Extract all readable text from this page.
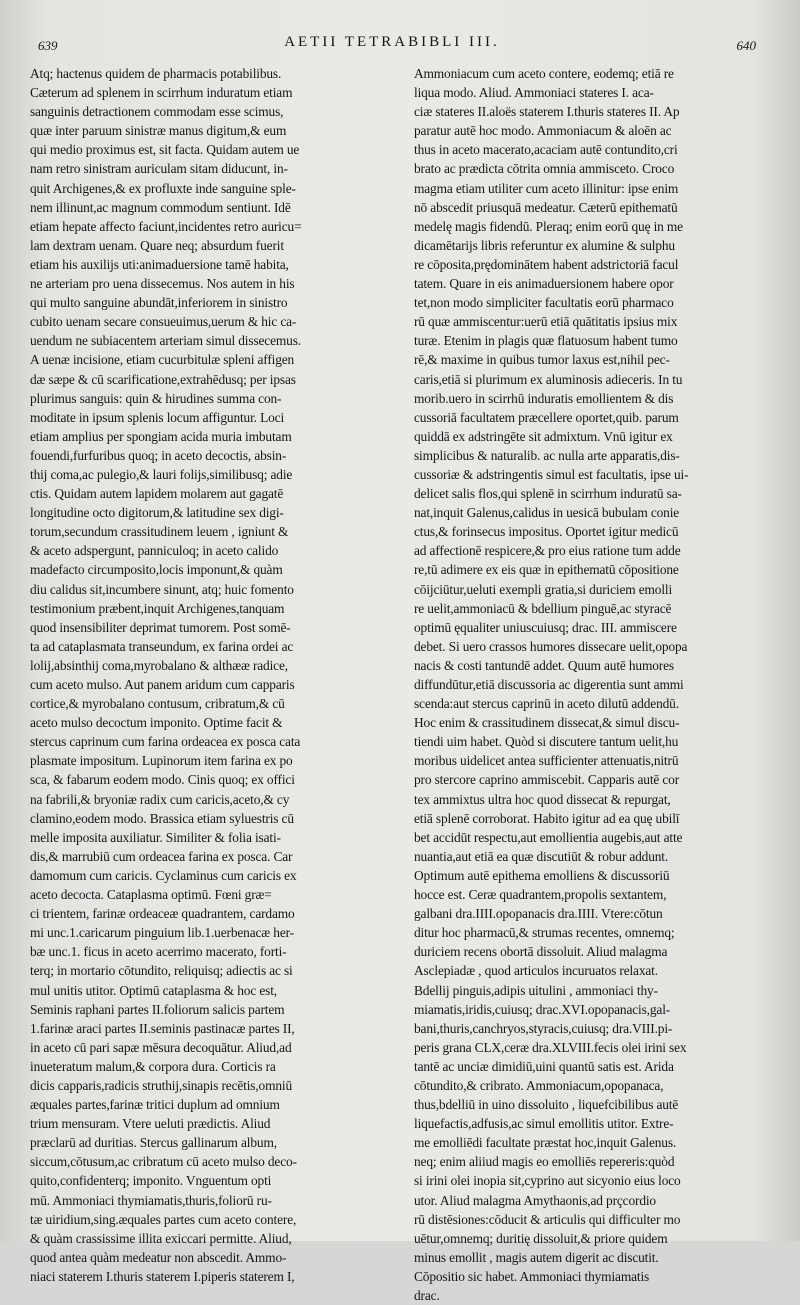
639	AETII TETRABIBLI III.	640
Atq; hactenus quidem de pharmacis potabilibus.
Cæterum ad splenem in scirrhum induratum etiam
sanguinis detractionem commodam esse scimus,
quæ inter paruum sinistræ manus digitum,& eum
qui medio proximus est, sit facta. Quidam autem ue
nam retro sinistram auriculam sitam diducunt, in-
quit Archigenes,& ex profluxte inde sanguine sple-
nem illinunt,ac magnum commodum sentiunt. Idē
etiam hepate affecto faciunt,incidentes retro auricu=
lam dextram uenam. Quare neq; absurdum fuerit
etiam his auxilijs uti:animaduersione tamē habita,
ne arteriam pro uena dissecemus. Nos autem in his
qui multo sanguine abundāt,inferiorem in sinistro
cubito uenam secare consueuimus,uerum & hic ca-
uendum ne subiacentem arteriam simul dissecemus.
A uenæ incisione, etiam cucurbitulæ spleni affigen
dæ sæpe & cū scarificatione,extrahēdusq; per ipsas
plurimus sanguis: quin & hirudines summa con-
moditate in ipsum splenis locum affiguntur. Loci
etiam amplius per spongiam acida muria imbutam
fouendi,furfuribus quoq; in aceto decoctis, absin-
thij coma,ac pulegio,& lauri folijs,similibusq; adie
ctis. Quidam autem lapidem molarem aut gagatē
longitudine octo digitorum,& latitudine sex digi-
torum,secundum crassitudinem leuem , igniunt &
& aceto adspergunt, panniculoq; in aceto calido
madefacto circumposito,locis imponunt,& quàm
diu calidus sit,incumbere sinunt, atq; huic fomento
testimonium præbent,inquit Archigenes,tanquam
quod insensibiliter deprimat tumorem. Post somē-
ta ad cataplasmata transeundum, ex farina ordei ac
lolij,absinthij coma,myrobalano & althææ radice,
cum aceto mulso. Aut panem aridum cum capparis
cortice,& myrobalano contusum, cribratum,& cū
aceto mulso decoctum imponito. Optime facit &
stercus caprinum cum farina ordeacea ex posca cata
plasmate impositum. Lupinorum item farina ex po
sca, & fabarum eodem modo. Cinis quoq; ex offici
na fabrili,& bryoniæ radix cum caricis,aceto,& cy
clamino,eodem modo. Brassica etiam syluestris cū
melle imposita auxiliatur. Similiter & folia isati-
dis,& marrubiū cum ordeacea farina ex posca. Car
damomum cum caricis. Cyclaminus cum caricis ex
aceto decocta. Cataplasma optimū. Fœni græ=
ci trientem, farinæ ordeaceæ quadrantem, cardamo
mi unc.1.caricarum pinguium lib.1.uerbenacæ her-
bæ unc.1. ficus in aceto acerrimo macerato, forti-
terq; in mortario cōtundito, reliquisq; adiectis ac si
mul unitis utitor. Optimū cataplasma & hoc est,
Seminis raphani partes II.foliorum salicis partem
1.farinæ araci partes II.seminis pastinacæ partes II,
in aceto cū pari sapæ mēsura decoquātur. Aliud,ad
inueteratum malum,& corpora dura. Corticis ra
dicis capparis,radicis struthij,sinapis recētis,omniū
æquales partes,farinæ tritici duplum ad omnium
trium mensuram. Vtere ueluti prædictis. Aliud
præclarū ad duritias. Stercus gallinarum album,
siccum,cōtusum,ac cribratum cū aceto mulso deco-
quito,confidenterq; imponito. Vnguentum opti
mū. Ammoniaci thymiamatis,thuris,foliorū ru-
tæ uiridium,sing.æquales partes cum aceto contere,
& quàm crassissime illita exiccari permitte. Aliud,
quod antea quàm medeatur non abscedit. Ammo-
niaci staterem I.thuris staterem I.piperis staterem I,
Ammoniacum cum aceto contere, eodemq; etiā re
liqua modo. Aliud. Ammoniaci stateres I. aca-
ciæ stateres II.aloës staterem I.thuris stateres II. Ap
paratur autē hoc modo. Ammoniacum & aloēn ac
thus in aceto macerato,acaciam autē contundito,cri
brato ac prædicta cōtrita omnia ammisceto. Croco
magma etiam utiliter cum aceto illinitur: ipse enim
nō abscedit priusquā medeatur. Cæterū epithematū
medelę magis fidendū. Pleraq; enim eorū quę in me
dicamētarijs libris referuntur ex alumine & sulphu
re cōposita,prędominātem habent adstrictoriā facul
tatem. Quare in eis animaduersionem habere opor
tet,non modo simpliciter facultatis eorū pharmaco
rū quæ ammiscentur:uerū etiā quātitatis ipsius mix
turæ. Etenim in plagis quæ flatuosum habent tumo
rē,& maxime in quibus tumor laxus est,nihil pec-
caris,etiā si plurimum ex aluminosis adieceris. In tu
morib.uero in scirrhū induratis emollientem & dis
cussoriā facultatem præcellere oportet,quib. parum
quiddā ex adstringēte sit admixtum. Vnū igitur ex
simplicibus & naturalib. ac nulla arte apparatis,dis-
cussoriæ & adstringentis simul est facultatis, ipse ui-
delicet salis flos,qui splenē in scirrhum induratū sa-
nat,inquit Galenus,calidus in uesicā bubulam conie
ctus,& forinsecus impositus. Oportet igitur medicū
ad affectionē respicere,& pro eius ratione tum adde
re,tū adimere ex eis quæ in epithematū cōpositione
cōijciūtur,ueluti exempli gratia,si duriciem emolli
re uelit,ammoniacū & bdellium pinguē,ac styracē
optimū ęqualiter uniuscuiusq; drac. III. ammiscere
debet. Si uero crassos humores dissecare uelit,opopa
nacis & costi tantundē addet. Quum autē humores
diffundūtur,etiā discussoria ac digerentia sunt ammi
scenda:aut stercus caprinū in aceto dilutū addendū.
Hoc enim & crassitudinem dissecat,& simul discu-
tiendi uim habet. Quòd si discutere tantum uelit,hu
moribus uidelicet antea sufficienter attenuatis,nitrū
pro stercore caprino ammiscebit. Capparis autē cor
tex ammixtus ultra hoc quod dissecat & repurgat,
etiā splenē corroborat. Habito igitur ad ea quę ubilī
bet accidūt respectu,aut emollientia augebis,aut atte
nuantia,aut etiā ea quæ discutiūt & robur addunt.
Optimum autē epithema emolliens & discussoriū
hocce est. Ceræ quadrantem,propolis sextantem,
galbani dra.IIII.opopanacis dra.IIII. Vtere:cōtun
ditur hoc pharmacū,& strumas recentes, omnemq;
duriciem recens obortā dissoluit. Aliud malagma
Asclepiadæ , quod articulos incuruatos relaxat.
Bdellij pinguis,adipis uitulini , ammoniaci thy-
miamatis,iridis,cuiusq; drac.XVI.opopanacis,gal-
bani,thuris,canchryos,styracis,cuiusq; dra.VIII.pi-
peris grana CLX,ceræ dra.XLVIII.fecis olei irini sex
tantē ac unciæ dimidiū,uini quantū satis est. Arida
cōtundito,& cribrato. Ammoniacum,opopanaca,
thus,bdelliū in uino dissoluito , liquefcibilibus autē
liquefactis,adfusis,ac simul emollitis utitor. Extre-
me emolliēdi facultate præstat hoc,inquit Galenus.
neq; enim aliiud magis eo emolliēs repereris:quòd
si irini olei inopia sit,cyprino aut sicyonio eius loco
utor. Aliud malagma Amythaonis,ad prçcordio
rū distēsiones:cōducit & articulis qui difficulter mo
uētur,omnemq; duritię dissoluit,& priore quidem
minus emollit , magis autem digerit ac discutit.
Cōpositio sic habet. Ammoniaci thymiamatis
drac.
